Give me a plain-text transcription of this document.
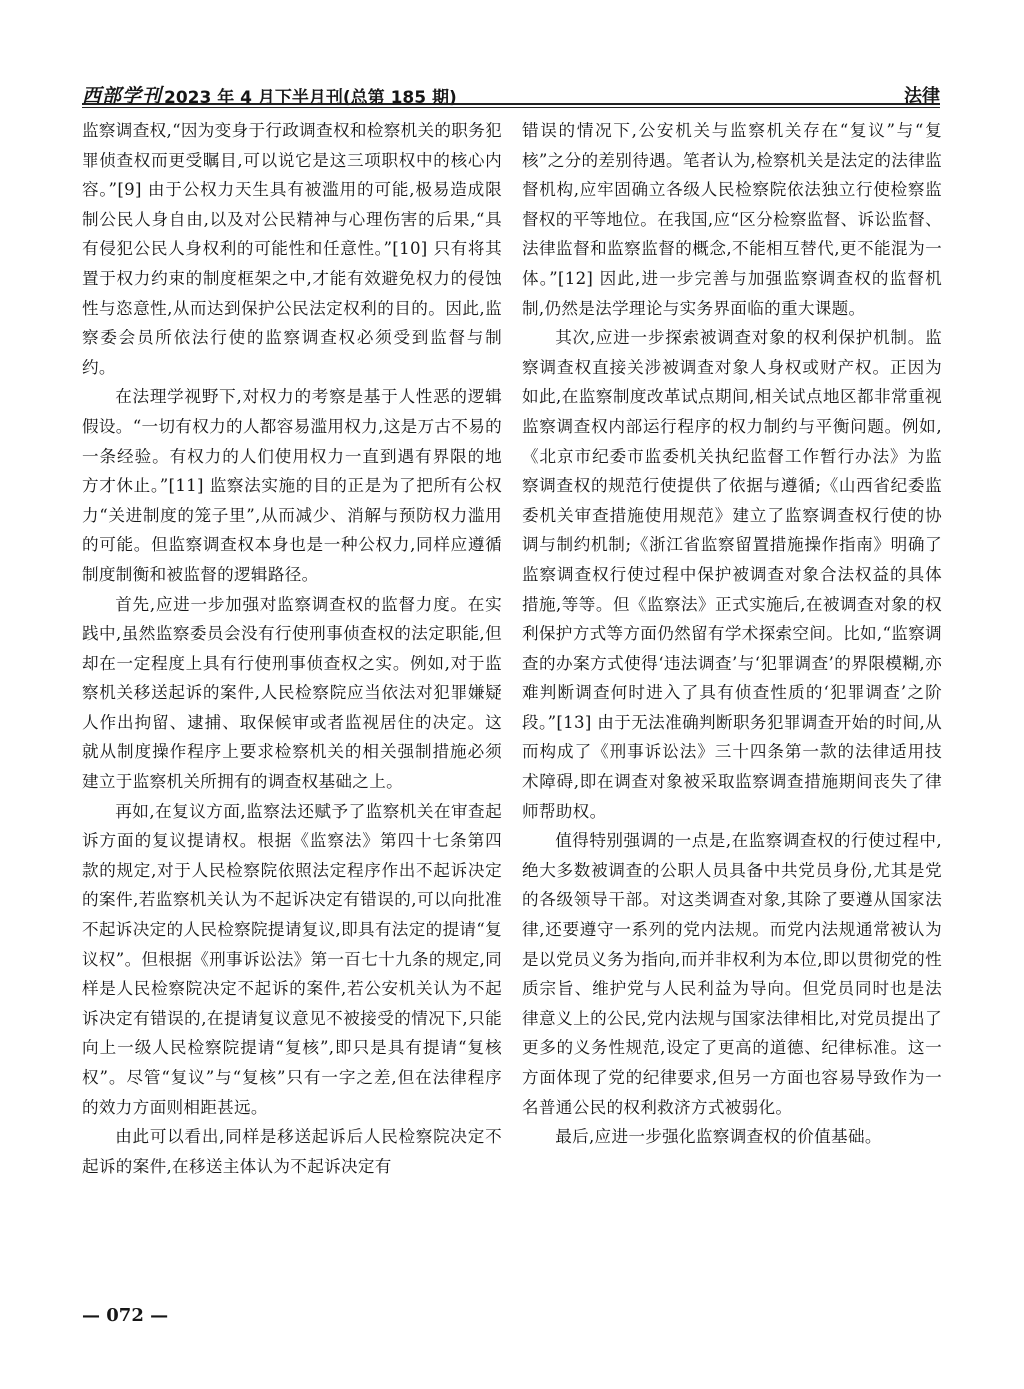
西部学刊 2023 年 4 月下半月刊(总第 185 期)	法律

监察调查权,“因为变身于行政调查权和检察机关的职务犯罪侦查权而更受瞩目,可以说它是这三项职权中的核心内容。”[9] 由于公权力天生具有被滥用的可能,极易造成限制公民人身自由,以及对公民精神与心理伤害的后果,“具有侵犯公民人身权利的可能性和任意性。”[10] 只有将其置于权力约束的制度框架之中,才能有效避免权力的侵蚀性与恣意性,从而达到保护公民法定权利的目的。因此,监察委会员所依法行使的监察调查权必须受到监督与制约。

在法理学视野下,对权力的考察是基于人性恶的逻辑假设。“一切有权力的人都容易滥用权力,这是万古不易的一条经验。有权力的人们使用权力一直到遇有界限的地方才休止。”[11] 监察法实施的目的正是为了把所有公权力“关进制度的笼子里”,从而减少、消解与预防权力滥用的可能。但监察调查权本身也是一种公权力,同样应遵循制度制衡和被监督的逻辑路径。

首先,应进一步加强对监察调查权的监督力度。在实践中,虽然监察委员会没有行使刑事侦查权的法定职能,但却在一定程度上具有行使刑事侦查权之实。例如,对于监察机关移送起诉的案件,人民检察院应当依法对犯罪嫌疑人作出拘留、逮捕、取保候审或者监视居住的决定。这就从制度操作程序上要求检察机关的相关强制措施必须建立于监察机关所拥有的调查权基础之上。

再如,在复议方面,监察法还赋予了监察机关在审查起诉方面的复议提请权。根据《监察法》第四十七条第四款的规定,对于人民检察院依照法定程序作出不起诉决定的案件,若监察机关认为不起诉决定有错误的,可以向批准不起诉决定的人民检察院提请复议,即具有法定的提请“复议权”。但根据《刑事诉讼法》第一百七十九条的规定,同样是人民检察院决定不起诉的案件,若公安机关认为不起诉决定有错误的,在提请复议意见不被接受的情况下,只能向上一级人民检察院提请“复核”,即只是具有提请“复核权”。尽管“复议”与“复核”只有一字之差,但在法律程序的效力方面则相距甚远。

由此可以看出,同样是移送起诉后人民检察院决定不起诉的案件,在移送主体认为不起诉决定有

错误的情况下,公安机关与监察机关存在“复议”与“复核”之分的差别待遇。笔者认为,检察机关是法定的法律监督机构,应牢固确立各级人民检察院依法独立行使检察监督权的平等地位。在我国,应“区分检察监督、诉讼监督、法律监督和监察监督的概念,不能相互替代,更不能混为一体。”[12] 因此,进一步完善与加强监察调查权的监督机制,仍然是法学理论与实务界面临的重大课题。

其次,应进一步探索被调查对象的权利保护机制。监察调查权直接关涉被调查对象人身权或财产权。正因为如此,在监察制度改革试点期间,相关试点地区都非常重视监察调查权内部运行程序的权力制约与平衡问题。例如,《北京市纪委市监委机关执纪监督工作暂行办法》为监察调查权的规范行使提供了依据与遵循;《山西省纪委监委机关审查措施使用规范》建立了监察调查权行使的协调与制约机制;《浙江省监察留置措施操作指南》明确了监察调查权行使过程中保护被调查对象合法权益的具体措施,等等。但《监察法》正式实施后,在被调查对象的权利保护方式等方面仍然留有学术探索空间。比如,“监察调查的办案方式使得‘违法调查’与‘犯罪调查’的界限模糊,亦难判断调查何时进入了具有侦查性质的‘犯罪调查’之阶段。”[13] 由于无法准确判断职务犯罪调查开始的时间,从而构成了《刑事诉讼法》三十四条第一款的法律适用技术障碍,即在调查对象被采取监察调查措施期间丧失了律师帮助权。

值得特别强调的一点是,在监察调查权的行使过程中,绝大多数被调查的公职人员具备中共党员身份,尤其是党的各级领导干部。对这类调查对象,其除了要遵从国家法律,还要遵守一系列的党内法规。而党内法规通常被认为是以党员义务为指向,而并非权利为本位,即以贯彻党的性质宗旨、维护党与人民利益为导向。但党员同时也是法律意义上的公民,党内法规与国家法律相比,对党员提出了更多的义务性规范,设定了更高的道德、纪律标准。这一方面体现了党的纪律要求,但另一方面也容易导致作为一名普通公民的权利救济方式被弱化。

最后,应进一步强化监察调查权的价值基础。

— 072 —
